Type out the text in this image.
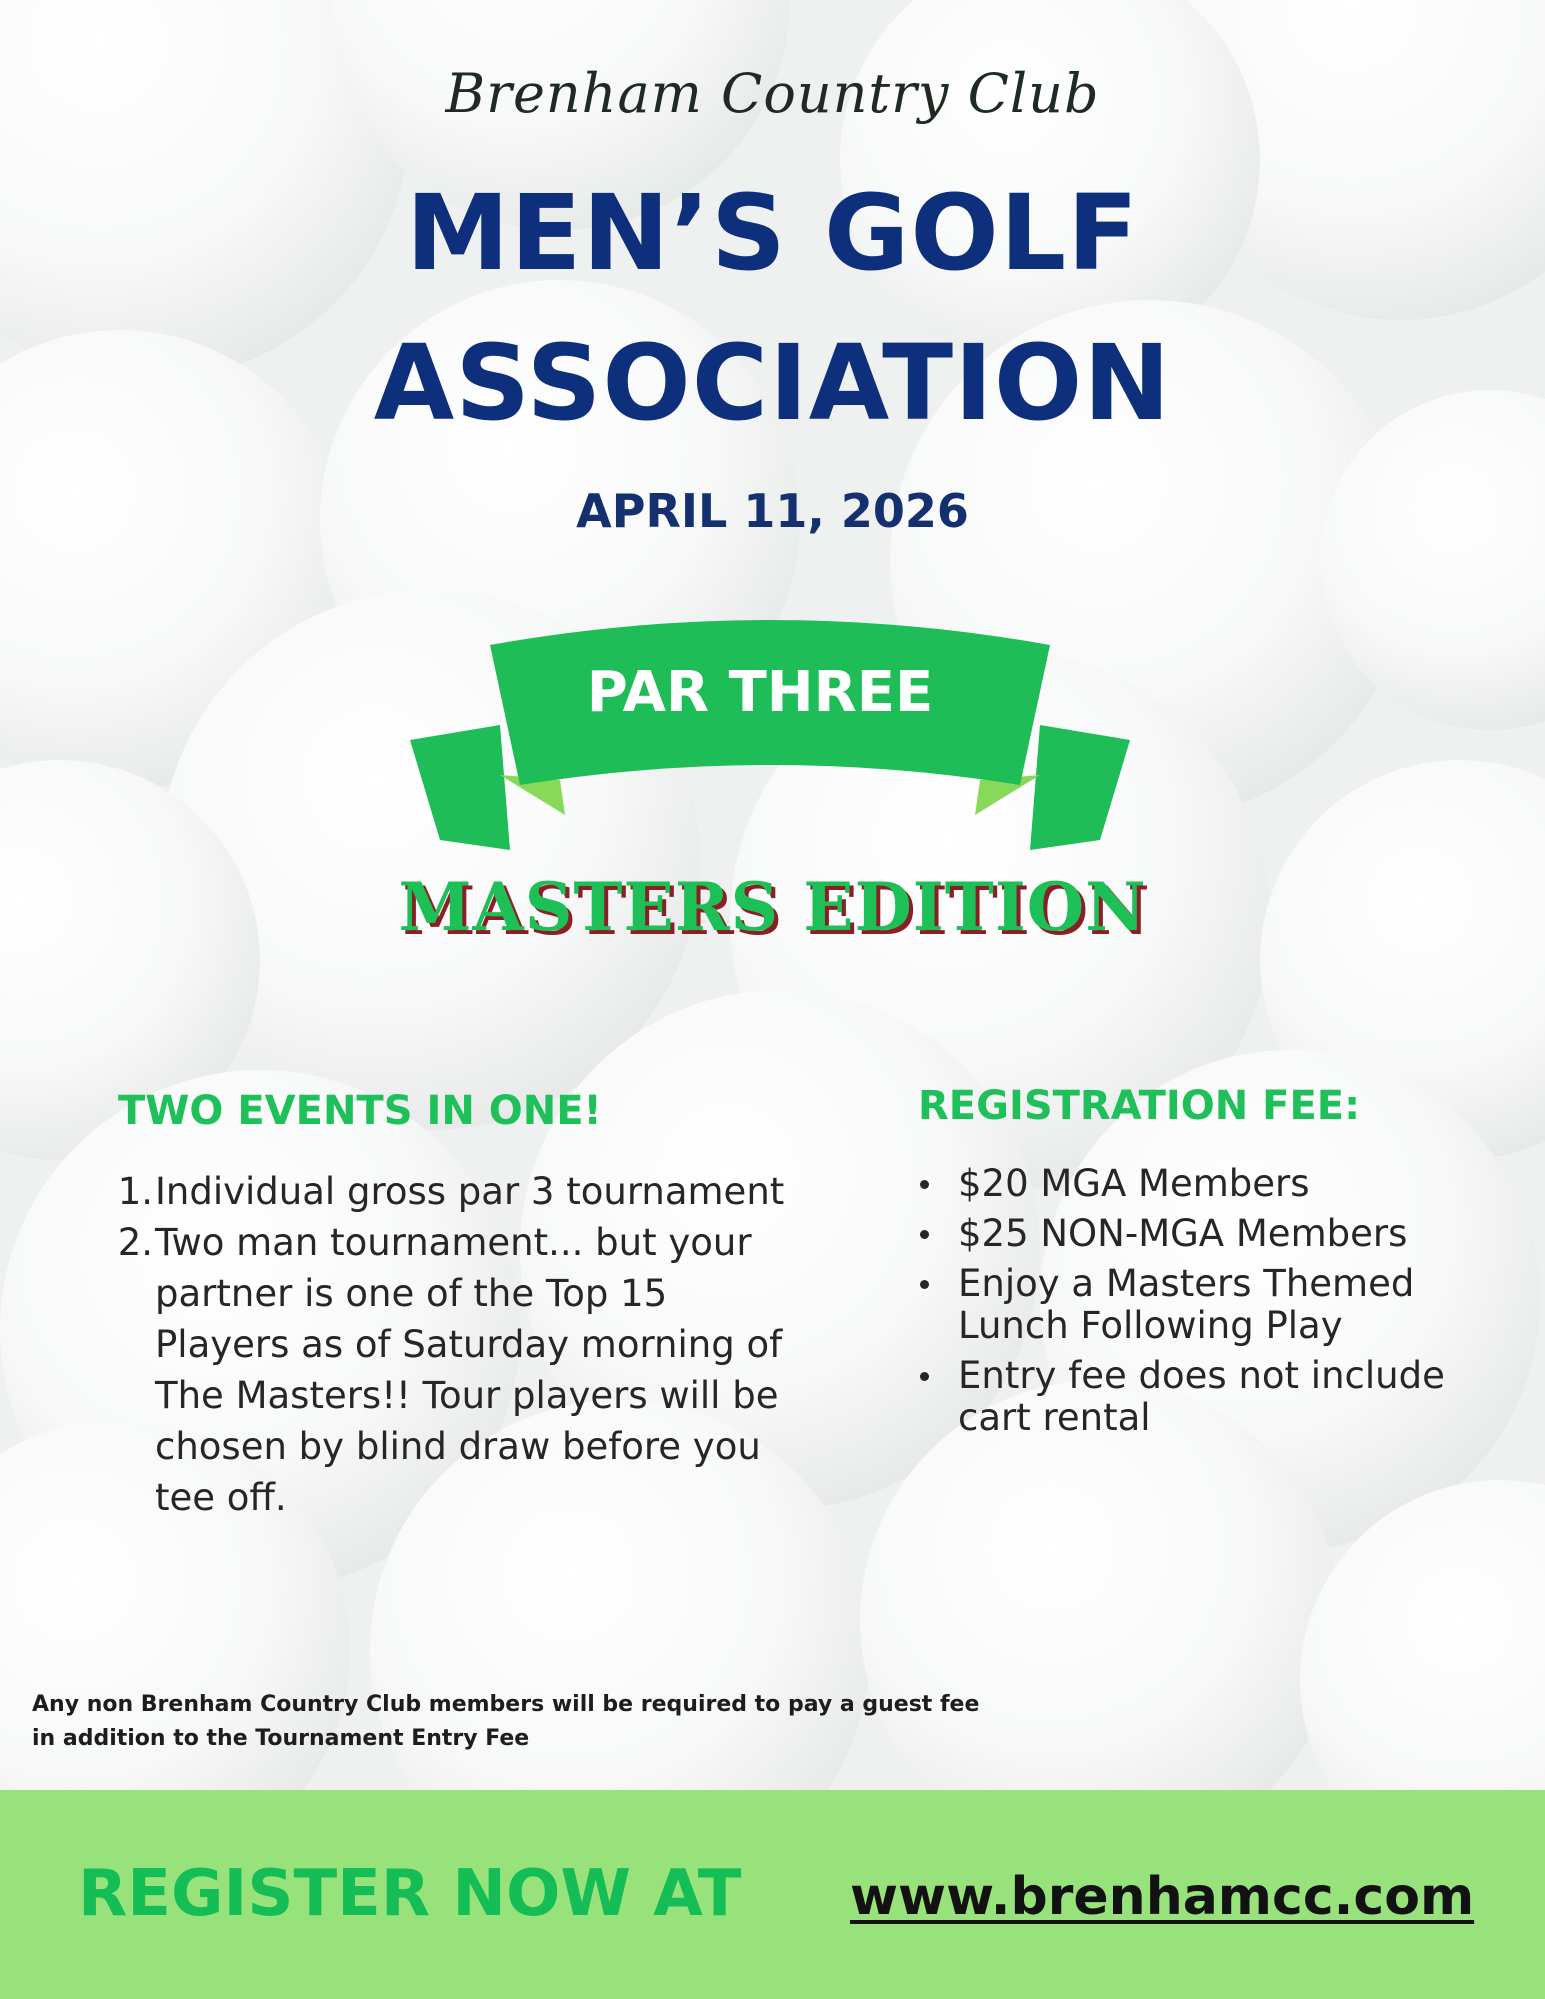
Brenham Country Club
MEN’S GOLF
ASSOCIATION
APRIL 11, 2026
PAR THREE
MASTERS EDITION
TWO EVENTS IN ONE!
1. Individual gross par 3 tournament
2. Two man tournament... but your partner is one of the Top 15 Players as of Saturday morning of The Masters!! Tour players will be chosen by blind draw before you tee off.
REGISTRATION FEE:
$20 MGA Members
$25 NON-MGA Members
Enjoy a Masters Themed Lunch Following Play
Entry fee does not include cart rental
Any non Brenham Country Club members will be required to pay a guest fee in addition to the Tournament Entry Fee
REGISTER NOW AT www.brenhamcc.com
